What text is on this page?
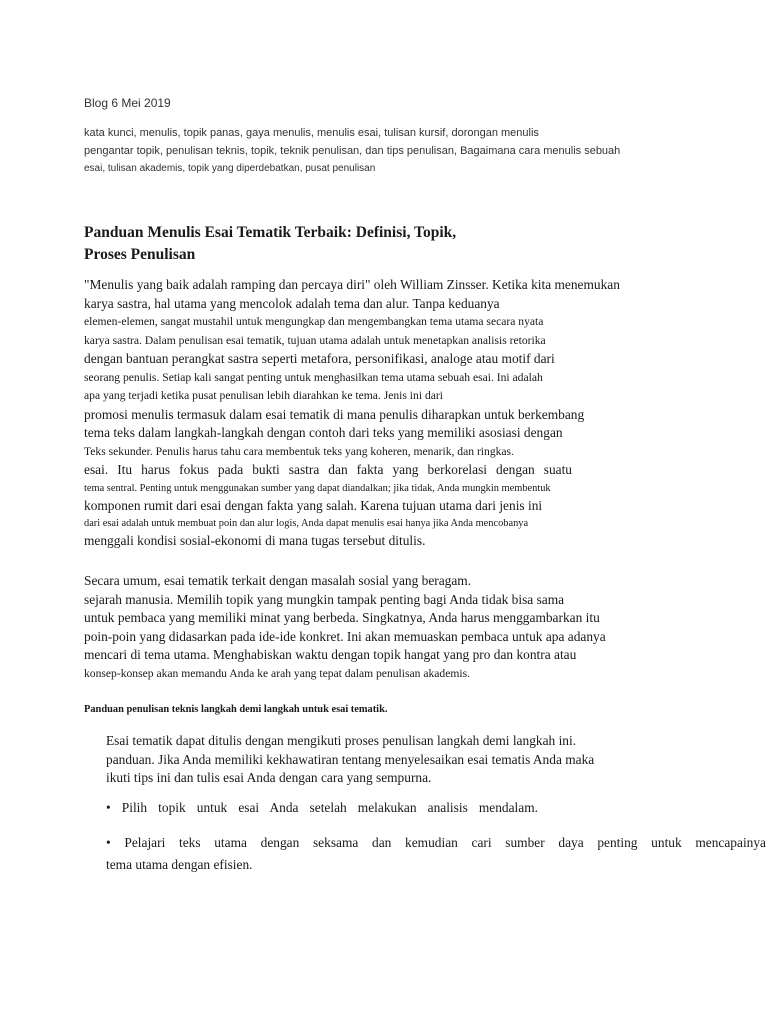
Blog 6 Mei 2019
kata kunci, menulis, topik panas, gaya menulis, menulis esai, tulisan kursif, dorongan menulis
pengantar topik, penulisan teknis, topik, teknik penulisan, dan tips penulisan, Bagaimana cara menulis sebuah
esai, tulisan akademis, topik yang diperdebatkan, pusat penulisan
Panduan Menulis Esai Tematik Terbaik: Definisi, Topik,
Proses Penulisan
"Menulis yang baik adalah ramping dan percaya diri" oleh William Zinsser. Ketika kita menemukan
karya sastra, hal utama yang mencolok adalah tema dan alur. Tanpa keduanya
elemen-elemen, sangat mustahil untuk mengungkap dan mengembangkan tema utama secara nyata
karya sastra. Dalam penulisan esai tematik, tujuan utama adalah untuk menetapkan analisis retorika
dengan bantuan perangkat sastra seperti metafora, personifikasi, analoge atau motif dari
seorang penulis. Setiap kali sangat penting untuk menghasilkan tema utama sebuah esai. Ini adalah
apa yang terjadi ketika pusat penulisan lebih diarahkan ke tema. Jenis ini dari
promosi menulis termasuk dalam esai tematik di mana penulis diharapkan untuk berkembang
tema teks dalam langkah-langkah dengan contoh dari teks yang memiliki asosiasi dengan
Teks sekunder. Penulis harus tahu cara membentuk teks yang koheren, menarik, dan ringkas.
esai. Itu harus fokus pada bukti sastra dan fakta yang berkorelasi dengan suatu
tema sentral. Penting untuk menggunakan sumber yang dapat diandalkan; jika tidak, Anda mungkin membentuk
komponen rumit dari esai dengan fakta yang salah. Karena tujuan utama dari jenis ini
dari esai adalah untuk membuat poin dan alur logis, Anda dapat menulis esai hanya jika Anda mencobanya
menggali kondisi sosial-ekonomi di mana tugas tersebut ditulis.
Secara umum, esai tematik terkait dengan masalah sosial yang beragam.
sejarah manusia. Memilih topik yang mungkin tampak penting bagi Anda tidak bisa sama
untuk pembaca yang memiliki minat yang berbeda. Singkatnya, Anda harus menggambarkan itu
poin-poin yang didasarkan pada ide-ide konkret. Ini akan memuaskan pembaca untuk apa adanya
mencari di tema utama. Menghabiskan waktu dengan topik hangat yang pro dan kontra atau
konsep-konsep akan memandu Anda ke arah yang tepat dalam penulisan akademis.
Panduan penulisan teknis langkah demi langkah untuk esai tematik.
Esai tematik dapat ditulis dengan mengikuti proses penulisan langkah demi langkah ini.
panduan. Jika Anda memiliki kekhawatiran tentang menyelesaikan esai tematis Anda maka
ikuti tips ini dan tulis esai Anda dengan cara yang sempurna.
• Pilih topik untuk esai Anda setelah melakukan analisis mendalam.
• Pelajari teks utama dengan seksama dan kemudian cari sumber daya penting untuk mencapainya
tema utama dengan efisien.
